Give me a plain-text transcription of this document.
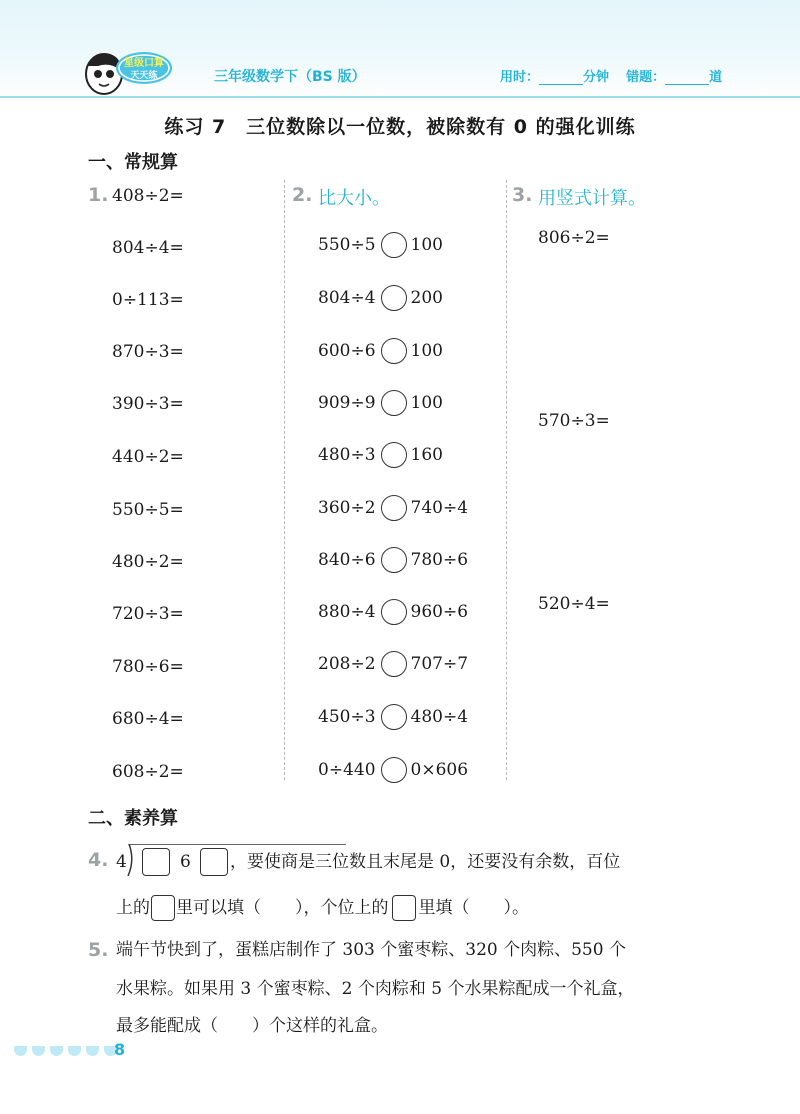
星级口算
天天练	三年级数学下（BS 版）	用时：	分钟 错题：	道
练习 7　三位数除以一位数，被除数有 0 的强化训练
一、常规算
1. 408÷2=
804÷4=
0÷113=
870÷3=
390÷3=
440÷2=
550÷5=
480÷2=
720÷3=
780÷6=
680÷4=
608÷2=
2. 比大小。
550÷5 100
804÷4 200
600÷6 100
909÷9 100
480÷3 160
360÷2 740÷4
840÷6 780÷6
880÷4 960÷6
208÷2 707÷7
450÷3 480÷4
0÷440 0×606
3. 用竖式计算。
806÷2=
570÷3=
520÷4=
二、素养算
4. 4	6 ，要使商是三位数且末尾是 0，还要没有余数，百位
上的 里可以填（　　），个位上的 里填（　　）。
5. 端午节快到了，蛋糕店制作了 303 个蜜枣粽、320 个肉粽、550 个
水果粽。如果用 3 个蜜枣粽、2 个肉粽和 5 个水果粽配成一个礼盒，
最多能配成（　　）个这样的礼盒。
8
